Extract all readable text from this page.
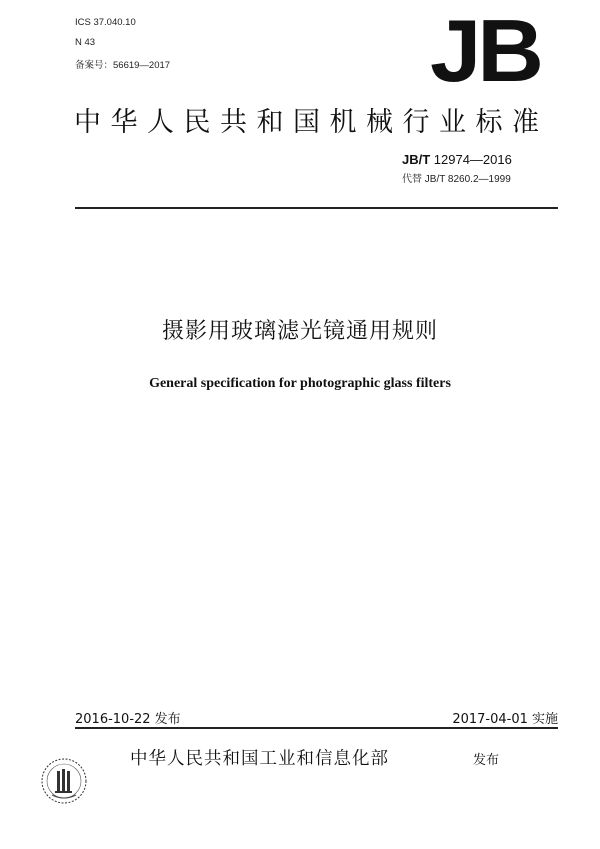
ICS 37.040.10
N 43
备案号：56619—2017	JB
中华人民共和国机械行业标准
JB/T 12974—2016
代替 JB/T 8260.2—1999
摄影用玻璃滤光镜通用规则
General specification for photographic glass filters
2016-10-22 发布	2017-04-01 实施
中华人民共和国工业和信息化部	发布
